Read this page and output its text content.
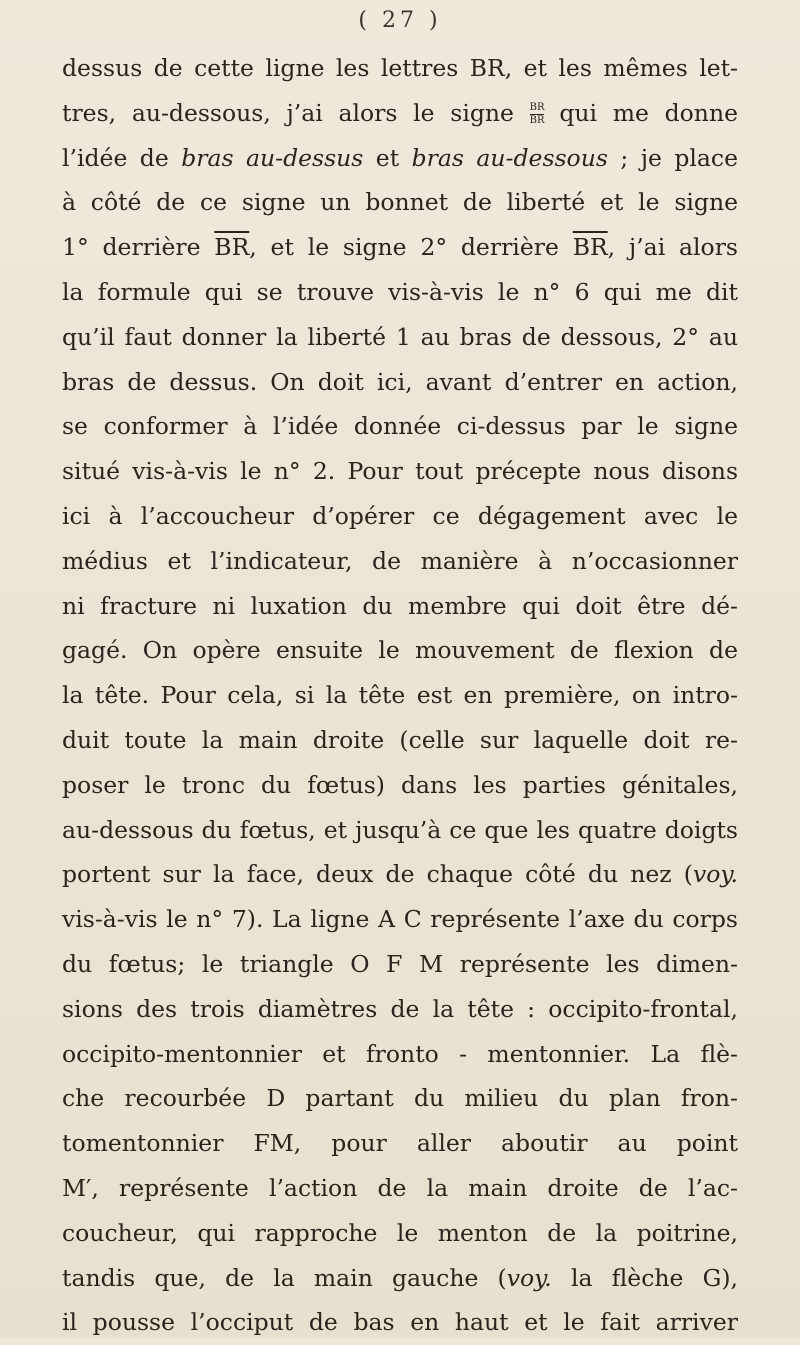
( 27 )
dessus de cette ligne les lettres BR, et les mêmes let-
tres, au-dessous, j’ai alors le signe $\frac{BR}{BR}$ qui me donne
l’idée de bras au-dessus et bras au-dessous ; je place
à côté de ce signe un bonnet de liberté et le signe
1° derrière $\overline{BR}$, et le signe 2° derrière $\overline{BR}$, j’ai alors
la formule qui se trouve vis-à-vis le n° 6 qui me dit
qu’il faut donner la liberté 1 au bras de dessous, 2° au
bras de dessus. On doit ici, avant d’entrer en action,
se conformer à l’idée donnée ci-dessus par le signe
situé vis-à-vis le n° 2. Pour tout précepte nous disons
ici à l’accoucheur d’opérer ce dégagement avec le
médius et l’indicateur, de manière à n’occasionner
ni fracture ni luxation du membre qui doit être dé-
gagé. On opère ensuite le mouvement de flexion de
la tête. Pour cela, si la tête est en première, on intro-
duit toute la main droite (celle sur laquelle doit re-
poser le tronc du fœtus) dans les parties génitales,
au-dessous du fœtus, et jusqu’à ce que les quatre doigts
portent sur la face, deux de chaque côté du nez (voy.
vis-à-vis le n° 7). La ligne A C représente l’axe du corps
du fœtus; le triangle O F M représente les dimen-
sions des trois diamètres de la tête : occipito-frontal,
occipito-mentonnier et fronto - mentonnier. La flè-
che recourbée D partant du milieu du plan fron-
tomentonnier FM, pour aller aboutir au point
M′, représente l’action de la main droite de l’ac-
coucheur, qui rapproche le menton de la poitrine,
tandis que, de la main gauche (voy. la flèche G),
il pousse l’occiput de bas en haut et le fait arriver
